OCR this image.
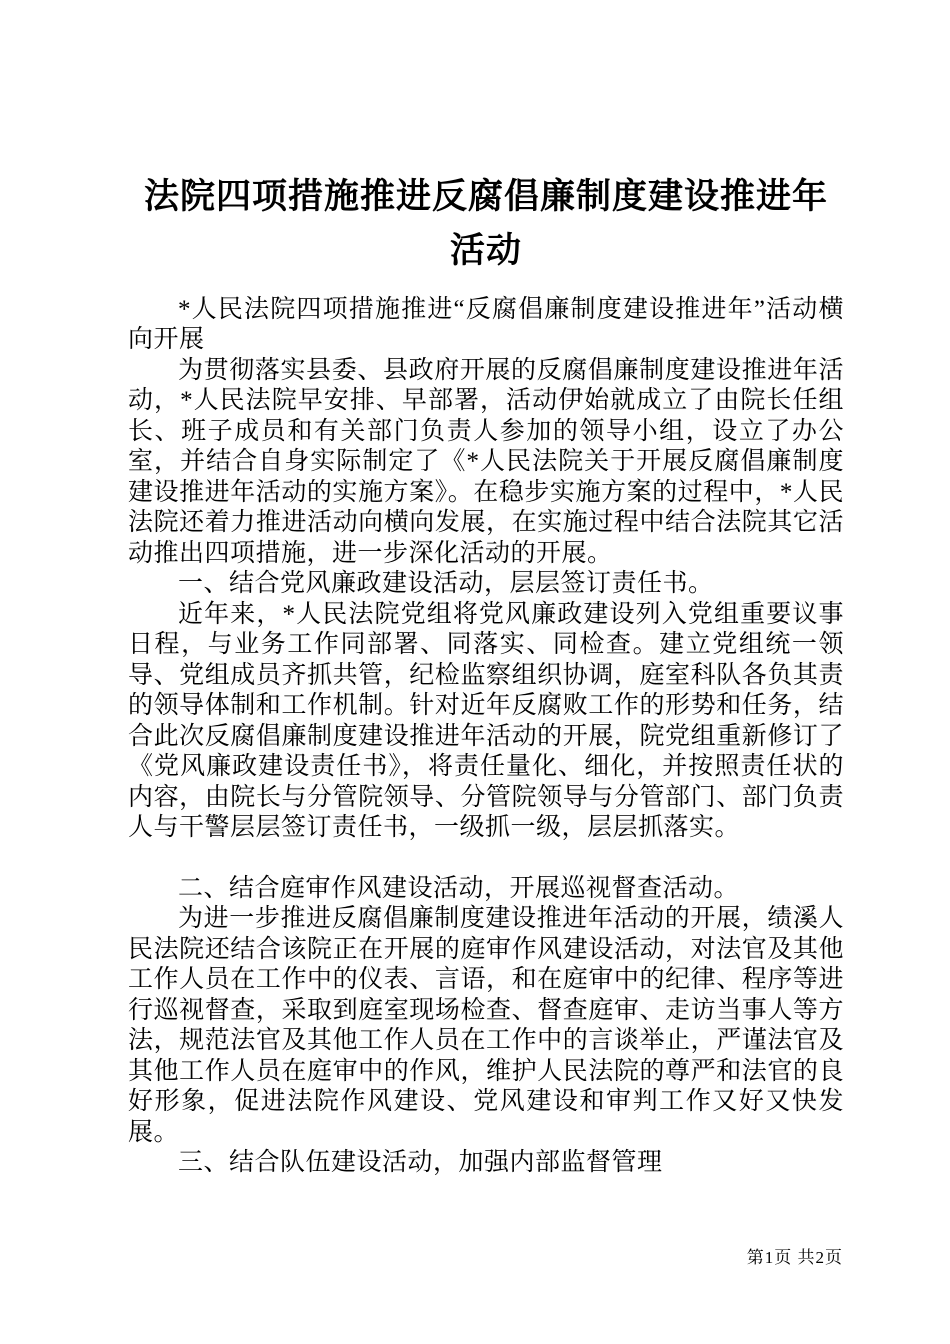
法院四项措施推进反腐倡廉制度建设推进年活动

*人民法院四项措施推进“反腐倡廉制度建设推进年”活动横向开展

为贯彻落实县委、县政府开展的反腐倡廉制度建设推进年活动，*人民法院早安排、早部署，活动伊始就成立了由院长任组长、班子成员和有关部门负责人参加的领导小组，设立了办公室，并结合自身实际制定了《*人民法院关于开展反腐倡廉制度建设推进年活动的实施方案》。在稳步实施方案的过程中，*人民法院还着力推进活动向横向发展，在实施过程中结合法院其它活动推出四项措施，进一步深化活动的开展。

一、结合党风廉政建设活动，层层签订责任书。

近年来，*人民法院党组将党风廉政建设列入党组重要议事日程，与业务工作同部署、同落实、同检查。建立党组统一领导、党组成员齐抓共管，纪检监察组织协调，庭室科队各负其责的领导体制和工作机制。针对近年反腐败工作的形势和任务，结合此次反腐倡廉制度建设推进年活动的开展，院党组重新修订了《党风廉政建设责任书》，将责任量化、细化，并按照责任状的内容，由院长与分管院领导、分管院领导与分管部门、部门负责人与干警层层签订责任书，一级抓一级，层层抓落实。

二、结合庭审作风建设活动，开展巡视督查活动。

为进一步推进反腐倡廉制度建设推进年活动的开展，绩溪人民法院还结合该院正在开展的庭审作风建设活动，对法官及其他工作人员在工作中的仪表、言语，和在庭审中的纪律、程序等进行巡视督查，采取到庭室现场检查、督查庭审、走访当事人等方法，规范法官及其他工作人员在工作中的言谈举止，严谨法官及其他工作人员在庭审中的作风，维护人民法院的尊严和法官的良好形象，促进法院作风建设、党风建设和审判工作又好又快发展。

三、结合队伍建设活动，加强内部监督管理

第1页 共2页
